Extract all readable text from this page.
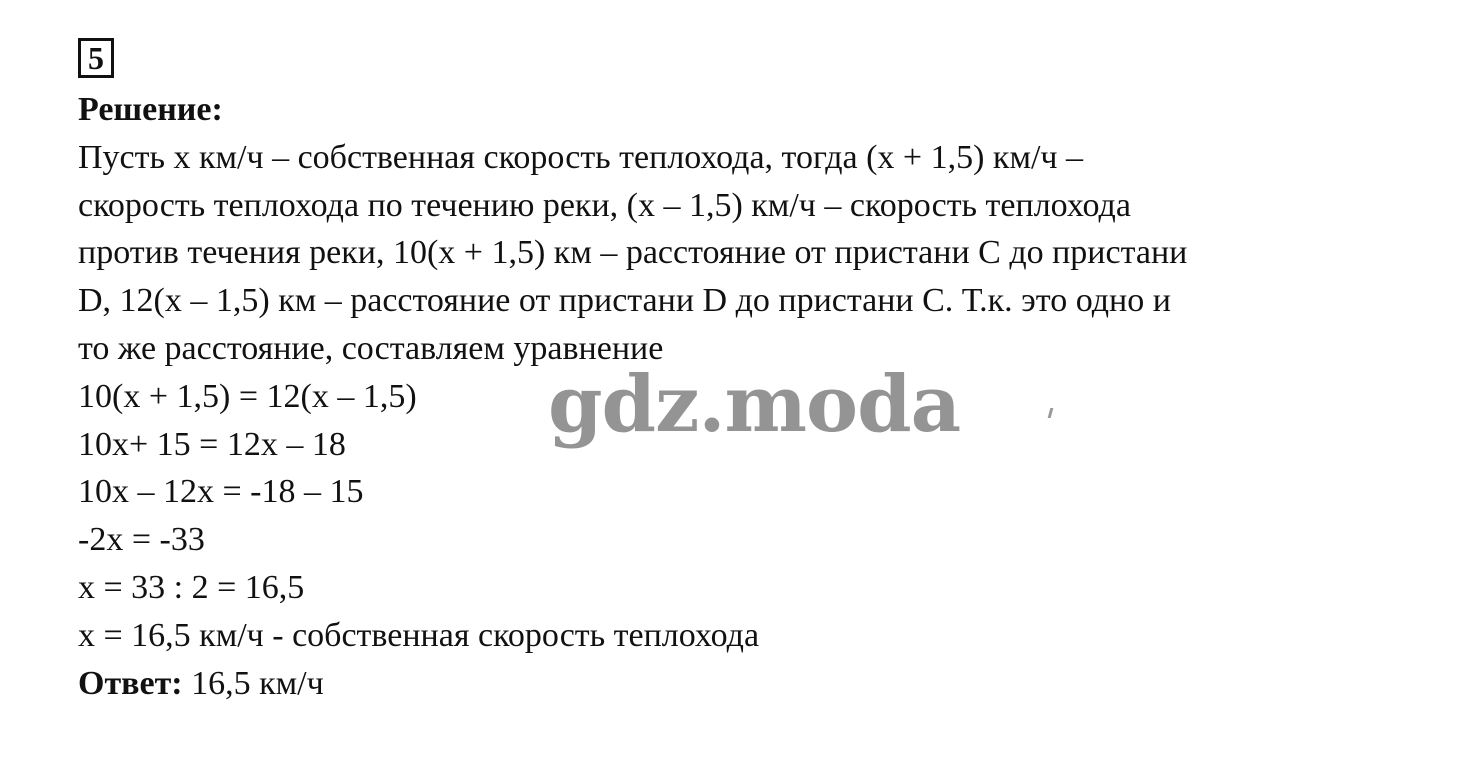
5
Решение:
Пусть x км/ч – собственная скорость теплохода, тогда (x + 1,5) км/ч –
скорость теплохода по течению реки, (x – 1,5) км/ч – скорость теплохода
против течения реки, 10(x + 1,5) км – расстояние от пристани C до пристани
D, 12(x – 1,5) км – расстояние от пристани D до пристани C. Т.к. это одно и
то же расстояние, составляем уравнение
10(x + 1,5) = 12(x – 1,5)
10x+ 15 = 12x – 18
10x – 12x = -18 – 15
-2x = -33
x = 33 : 2 = 16,5
x = 16,5 км/ч - собственная скорость теплохода
Ответ: 16,5 км/ч
gdz.moda
